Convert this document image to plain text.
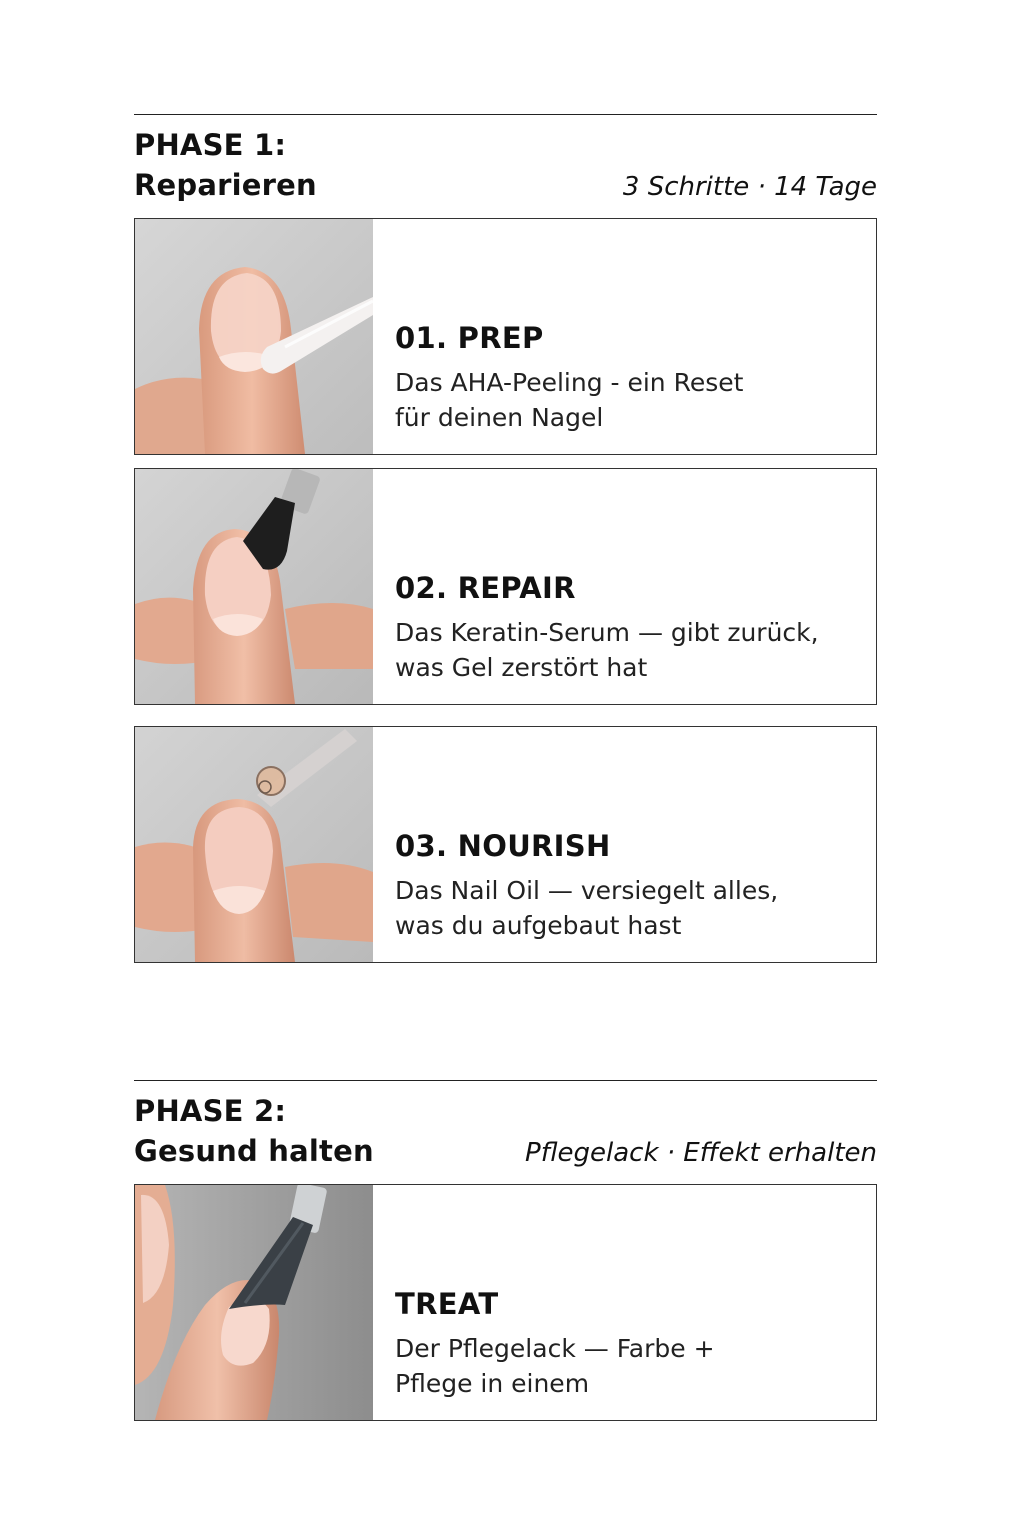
PHASE 1:
Reparieren	3 Schritte · 14 Tage
01. PREP
Das AHA-Peeling - ein Reset
für deinen Nagel
02. REPAIR
Das Keratin-Serum — gibt zurück,
was Gel zerstört hat
03. NOURISH
Das Nail Oil — versiegelt alles,
was du aufgebaut hast
PHASE 2:
Gesund halten	Pflegelack · Effekt erhalten
TREAT
Der Pflegelack — Farbe +
Pflege in einem
